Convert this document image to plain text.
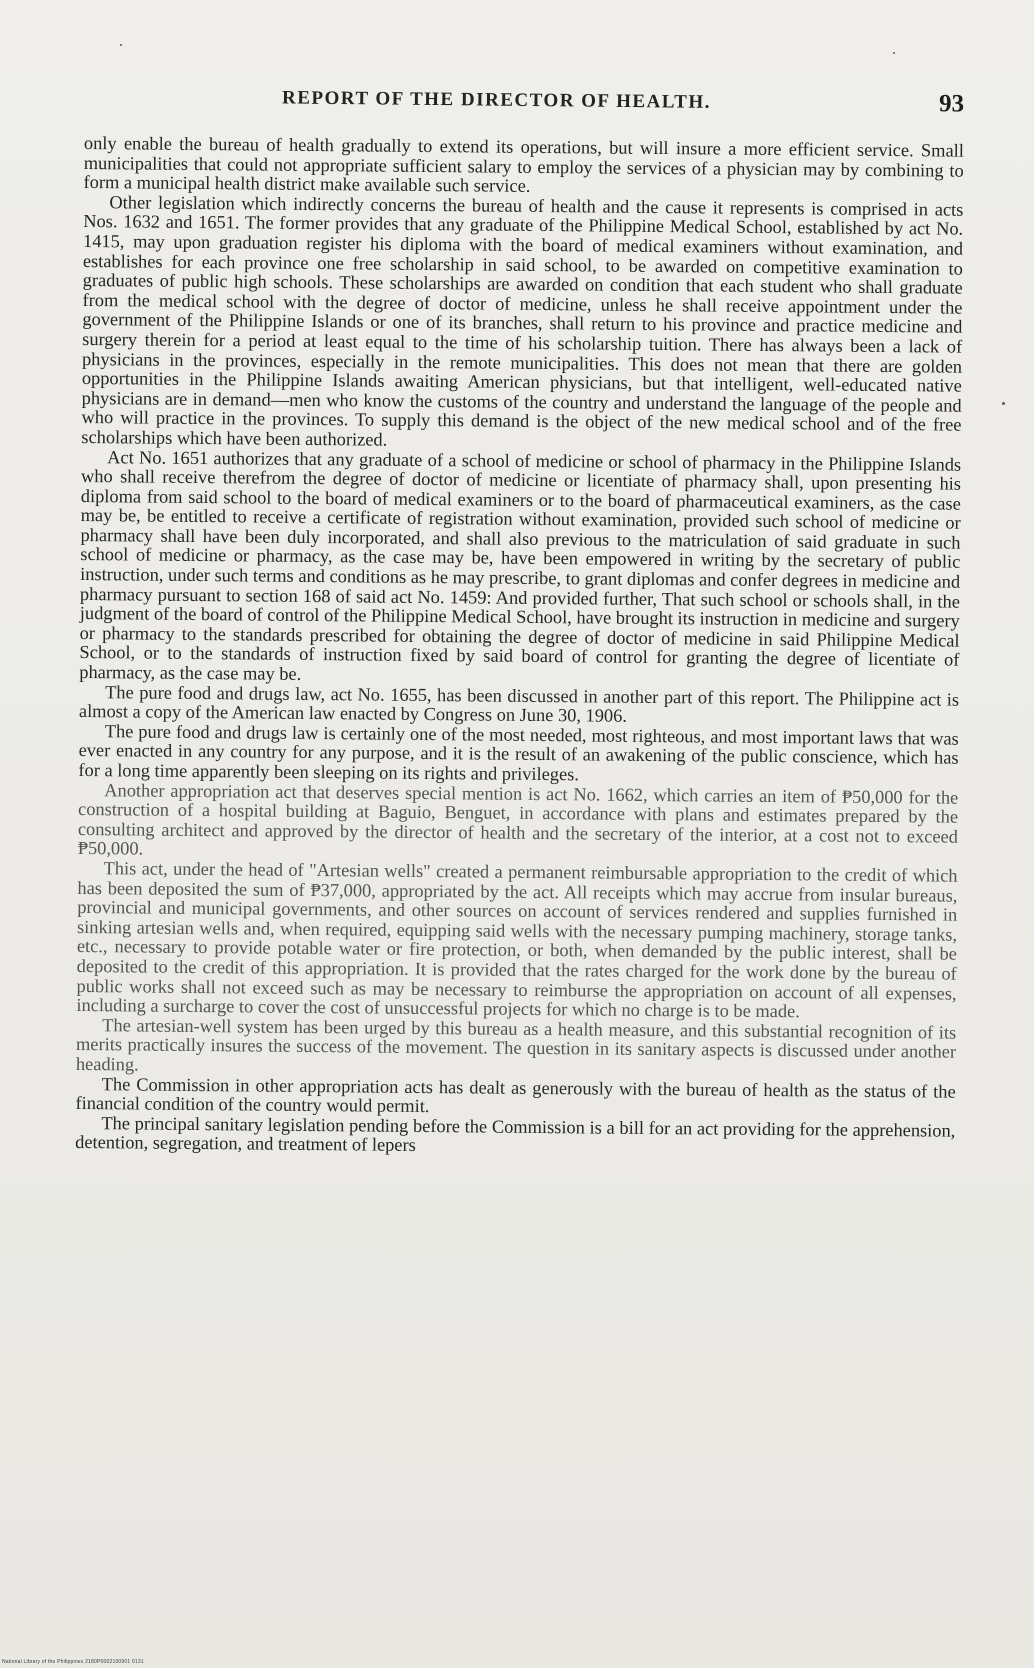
REPORT OF THE DIRECTOR OF HEALTH.	93

only enable the bureau of health gradually to extend its operations, but will insure a more efficient service. Small municipalities that could not appropriate sufficient salary to employ the services of a physician may by combining to form a municipal health district make available such service.

Other legislation which indirectly concerns the bureau of health and the cause it represents is comprised in acts Nos. 1632 and 1651. The former provides that any graduate of the Philippine Medical School, established by act No. 1415, may upon graduation register his diploma with the board of medical examiners without examination, and establishes for each province one free scholarship in said school, to be awarded on competitive examination to graduates of public high schools. These scholarships are awarded on condition that each student who shall graduate from the medical school with the degree of doctor of medicine, unless he shall receive appointment under the government of the Philippine Islands or one of its branches, shall return to his province and practice medicine and surgery therein for a period at least equal to the time of his scholarship tuition. There has always been a lack of physicians in the provinces, especially in the remote municipalities. This does not mean that there are golden opportunities in the Philippine Islands awaiting American physicians, but that intelligent, well-educated native physicians are in demand—men who know the customs of the country and understand the language of the people and who will practice in the provinces. To supply this demand is the object of the new medical school and of the free scholarships which have been authorized.

Act No. 1651 authorizes that any graduate of a school of medicine or school of pharmacy in the Philippine Islands who shall receive therefrom the degree of doctor of medicine or licentiate of pharmacy shall, upon presenting his diploma from said school to the board of medical examiners or to the board of pharmaceutical examiners, as the case may be, be entitled to receive a certificate of registration without examination, provided such school of medicine or pharmacy shall have been duly incorporated, and shall also previous to the matriculation of said graduate in such school of medicine or pharmacy, as the case may be, have been empowered in writing by the secretary of public instruction, under such terms and conditions as he may prescribe, to grant diplomas and confer degrees in medicine and pharmacy pursuant to section 168 of said act No. 1459: And provided further, That such school or schools shall, in the judgment of the board of control of the Philippine Medical School, have brought its instruction in medicine and surgery or pharmacy to the standards prescribed for obtaining the degree of doctor of medicine in said Philippine Medical School, or to the standards of instruction fixed by said board of control for granting the degree of licentiate of pharmacy, as the case may be.

The pure food and drugs law, act No. 1655, has been discussed in another part of this report. The Philippine act is almost a copy of the American law enacted by Congress on June 30, 1906.

The pure food and drugs law is certainly one of the most needed, most righteous, and most important laws that was ever enacted in any country for any purpose, and it is the result of an awakening of the public conscience, which has for a long time apparently been sleeping on its rights and privileges.

Another appropriation act that deserves special mention is act No. 1662, which carries an item of ₱50,000 for the construction of a hospital building at Baguio, Benguet, in accordance with plans and estimates prepared by the consulting architect and approved by the director of health and the secretary of the interior, at a cost not to exceed ₱50,000.

This act, under the head of "Artesian wells" created a permanent reimbursable appropriation to the credit of which has been deposited the sum of ₱37,000, appropriated by the act. All receipts which may accrue from insular bureaus, provincial and municipal governments, and other sources on account of services rendered and supplies furnished in sinking artesian wells and, when required, equipping said wells with the necessary pumping machinery, storage tanks, etc., necessary to provide potable water or fire protection, or both, when demanded by the public interest, shall be deposited to the credit of this appropriation. It is provided that the rates charged for the work done by the bureau of public works shall not exceed such as may be necessary to reimburse the appropriation on account of all expenses, including a surcharge to cover the cost of unsuccessful projects for which no charge is to be made.

The artesian-well system has been urged by this bureau as a health measure, and this substantial recognition of its merits practically insures the success of the movement. The question in its sanitary aspects is discussed under another heading.

The Commission in other appropriation acts has dealt as generously with the bureau of health as the status of the financial condition of the country would permit.

The principal sanitary legislation pending before the Commission is a bill for an act providing for the apprehension, detention, segregation, and treatment of lepers

National Library of the Philippines 2180P0002100901 0131
